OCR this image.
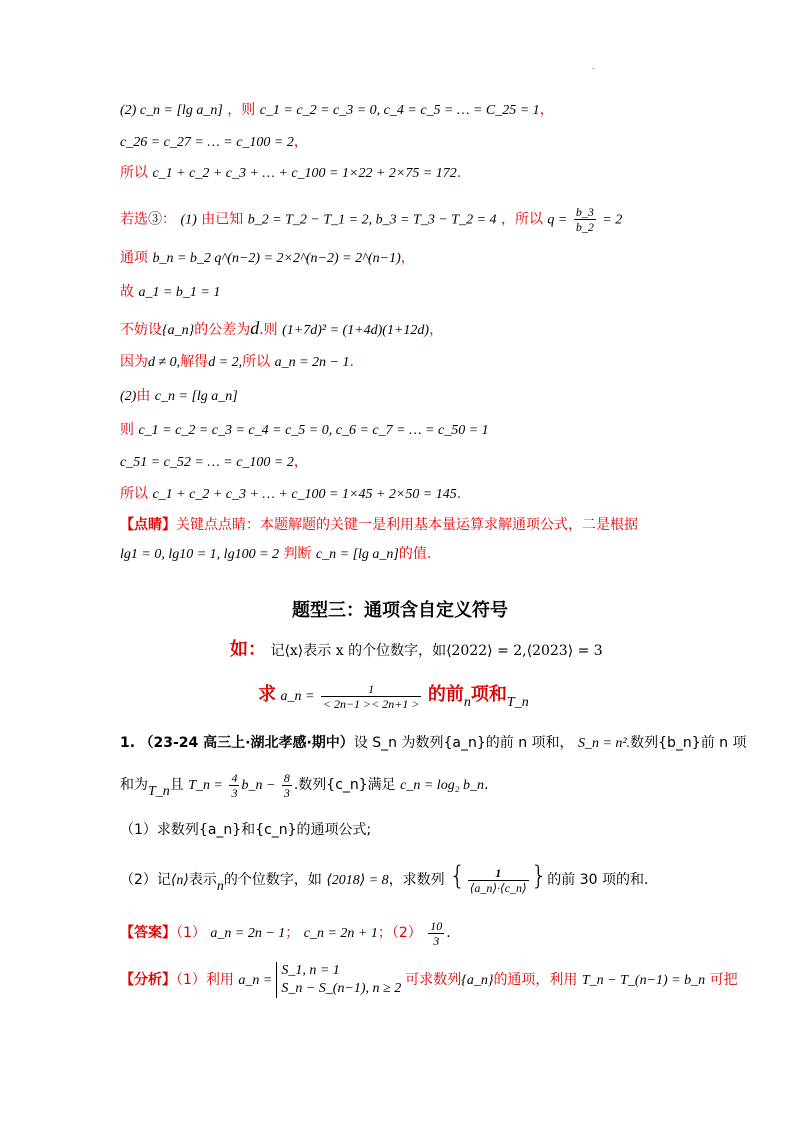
.
(2) c_n = [lg a_n] ，则 c_1 = c_2 = c_3 = 0, c_4 = c_5 = … = C_25 = 1，
c_26 = c_27 = … = c_100 = 2，
所以 c_1 + c_2 + c_3 + … + c_100 = 1×22 + 2×75 = 172.
若选③： (1) 由已知 b_2 = T_2 − T_1 = 2, b_3 = T_3 − T_2 = 4 ，所以 $q = \frac{b\_3}{b\_2} = 2$
通项 b_n = b_2 q^(n−2) = 2×2^(n−2) = 2^(n−1)，
故 a_1 = b_1 = 1
不妨设{a_n}的公差为d.则 (1+7d)² = (1+4d)(1+12d)，
因为d ≠ 0,解得d = 2,所以 a_n = 2n − 1.
(2)由 c_n = [lg a_n]
则 c_1 = c_2 = c_3 = c_4 = c_5 = 0, c_6 = c_7 = … = c_50 = 1
c_51 = c_52 = … = c_100 = 2，
所以 c_1 + c_2 + c_3 + … + c_100 = 1×45 + 2×50 = 145.
【点睛】关键点点睛：本题解题的关键一是利用基本量运算求解通项公式，二是根据
lg1 = 0, lg10 = 1, lg100 = 2 判断 c_n = [lg a_n]的值.
题型三：通项含自定义符号
如： 记⟨x⟩表示 x 的个位数字，如⟨2022⟩ = 2,⟨2023⟩ = 3
求 a_n = $\frac{1}{< 2n-1 >< 2n+1 >}$ 的前n项和T_n
1. （23-24 高三上·湖北孝感·期中）设 S_n 为数列{a_n}的前 n 项和， S_n = n².数列{b_n}前 n 项
和为T_n且 T_n = $\frac{4}{3}$ b_n − $\frac{8}{3}$ .数列{c_n}满足 c_n = log₂ b_n.
（1）求数列{a_n}和{c_n}的通项公式;
（2）记⟨n⟩表示n的个位数字，如 ⟨2018⟩ = 8，求数列 { $\frac{1}{⟨a\_n⟩\cdot⟨c\_n⟩}$ }的前 30 项的和.
【答案】（1） a_n = 2n − 1； c_n = 2n + 1；$(2) \frac{10}{3}$ .
【分析】（1）利用 a_n =
S_1, n = 1
S_n − S_(n−1), n ≥ 2
可求数列{a_n}的通项，利用 T_n − T_(n−1) = b_n 可把
